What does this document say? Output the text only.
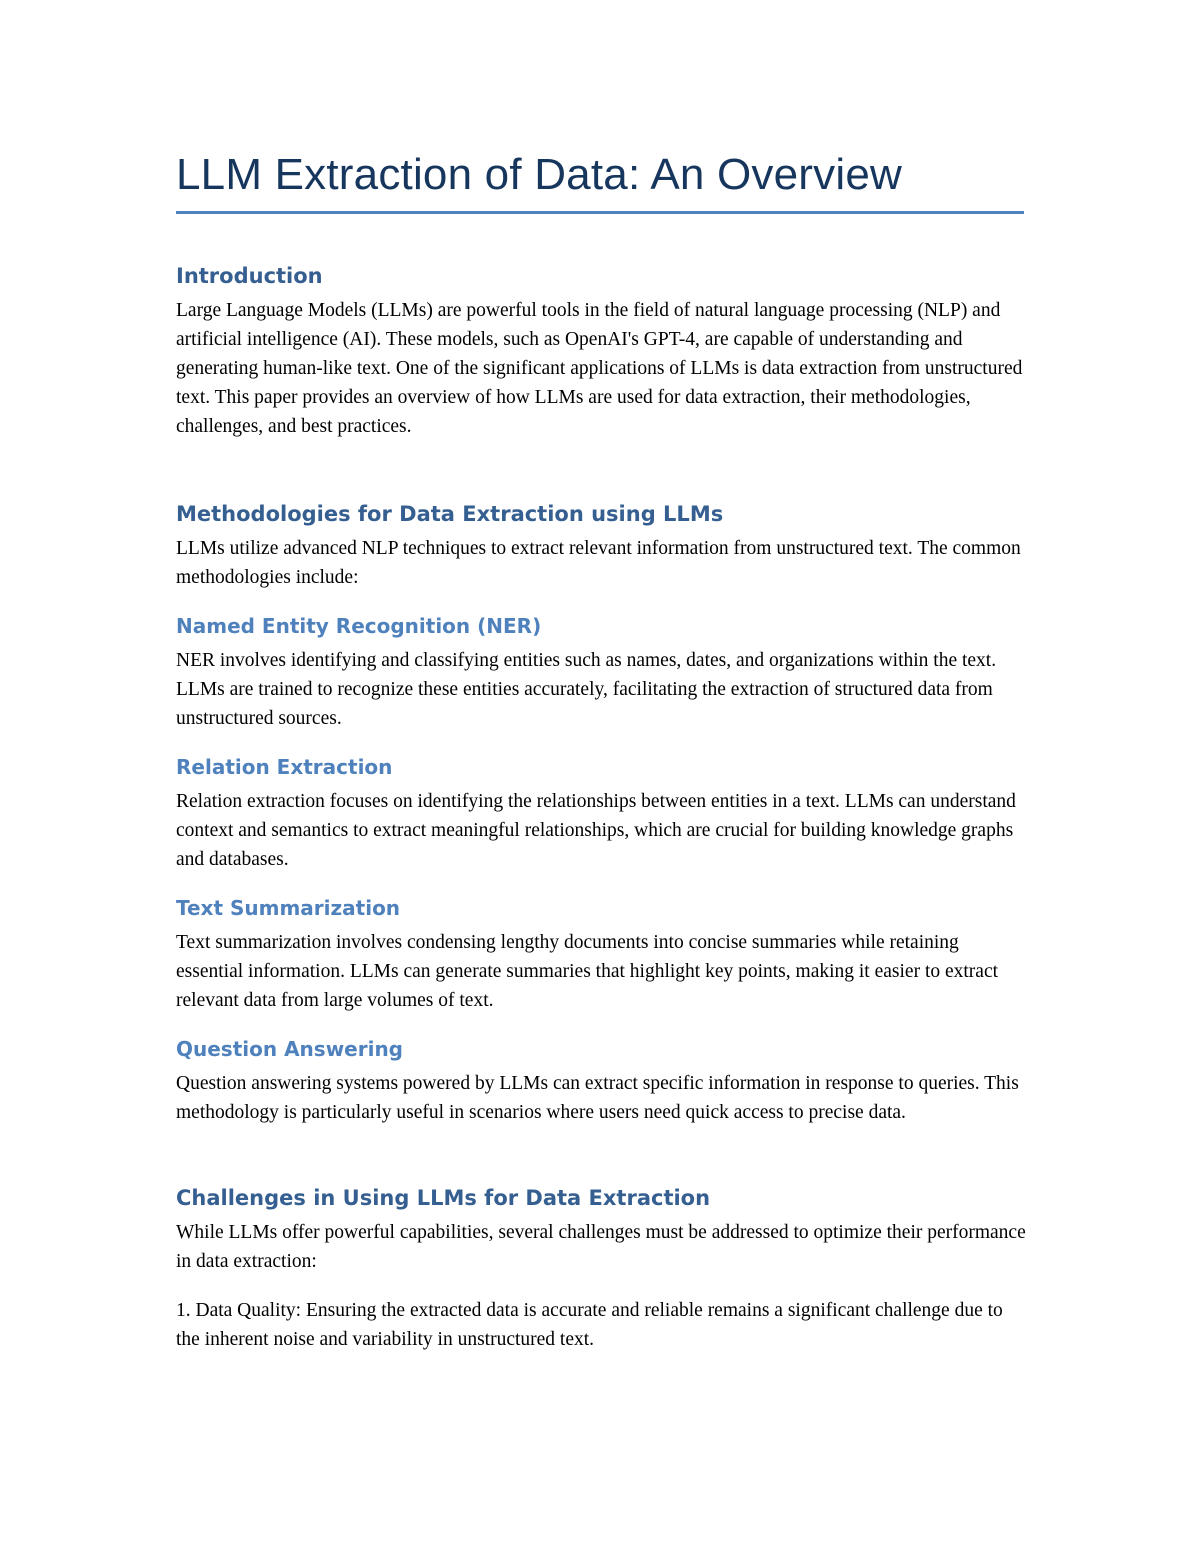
LLM Extraction of Data: An Overview
Introduction

Large Language Models (LLMs) are powerful tools in the field of natural language processing (NLP) and artificial intelligence (AI). These models, such as OpenAI's GPT-4, are capable of understanding and generating human-like text. One of the significant applications of LLMs is data extraction from unstructured text. This paper provides an overview of how LLMs are used for data extraction, their methodologies, challenges, and best practices.

Methodologies for Data Extraction using LLMs

LLMs utilize advanced NLP techniques to extract relevant information from unstructured text. The common methodologies include:

Named Entity Recognition (NER)

NER involves identifying and classifying entities such as names, dates, and organizations within the text. LLMs are trained to recognize these entities accurately, facilitating the extraction of structured data from unstructured sources.

Relation Extraction

Relation extraction focuses on identifying the relationships between entities in a text. LLMs can understand context and semantics to extract meaningful relationships, which are crucial for building knowledge graphs and databases.

Text Summarization

Text summarization involves condensing lengthy documents into concise summaries while retaining essential information. LLMs can generate summaries that highlight key points, making it easier to extract relevant data from large volumes of text.

Question Answering

Question answering systems powered by LLMs can extract specific information in response to queries. This methodology is particularly useful in scenarios where users need quick access to precise data.

Challenges in Using LLMs for Data Extraction

While LLMs offer powerful capabilities, several challenges must be addressed to optimize their performance in data extraction:

1. Data Quality: Ensuring the extracted data is accurate and reliable remains a significant challenge due to the inherent noise and variability in unstructured text.
